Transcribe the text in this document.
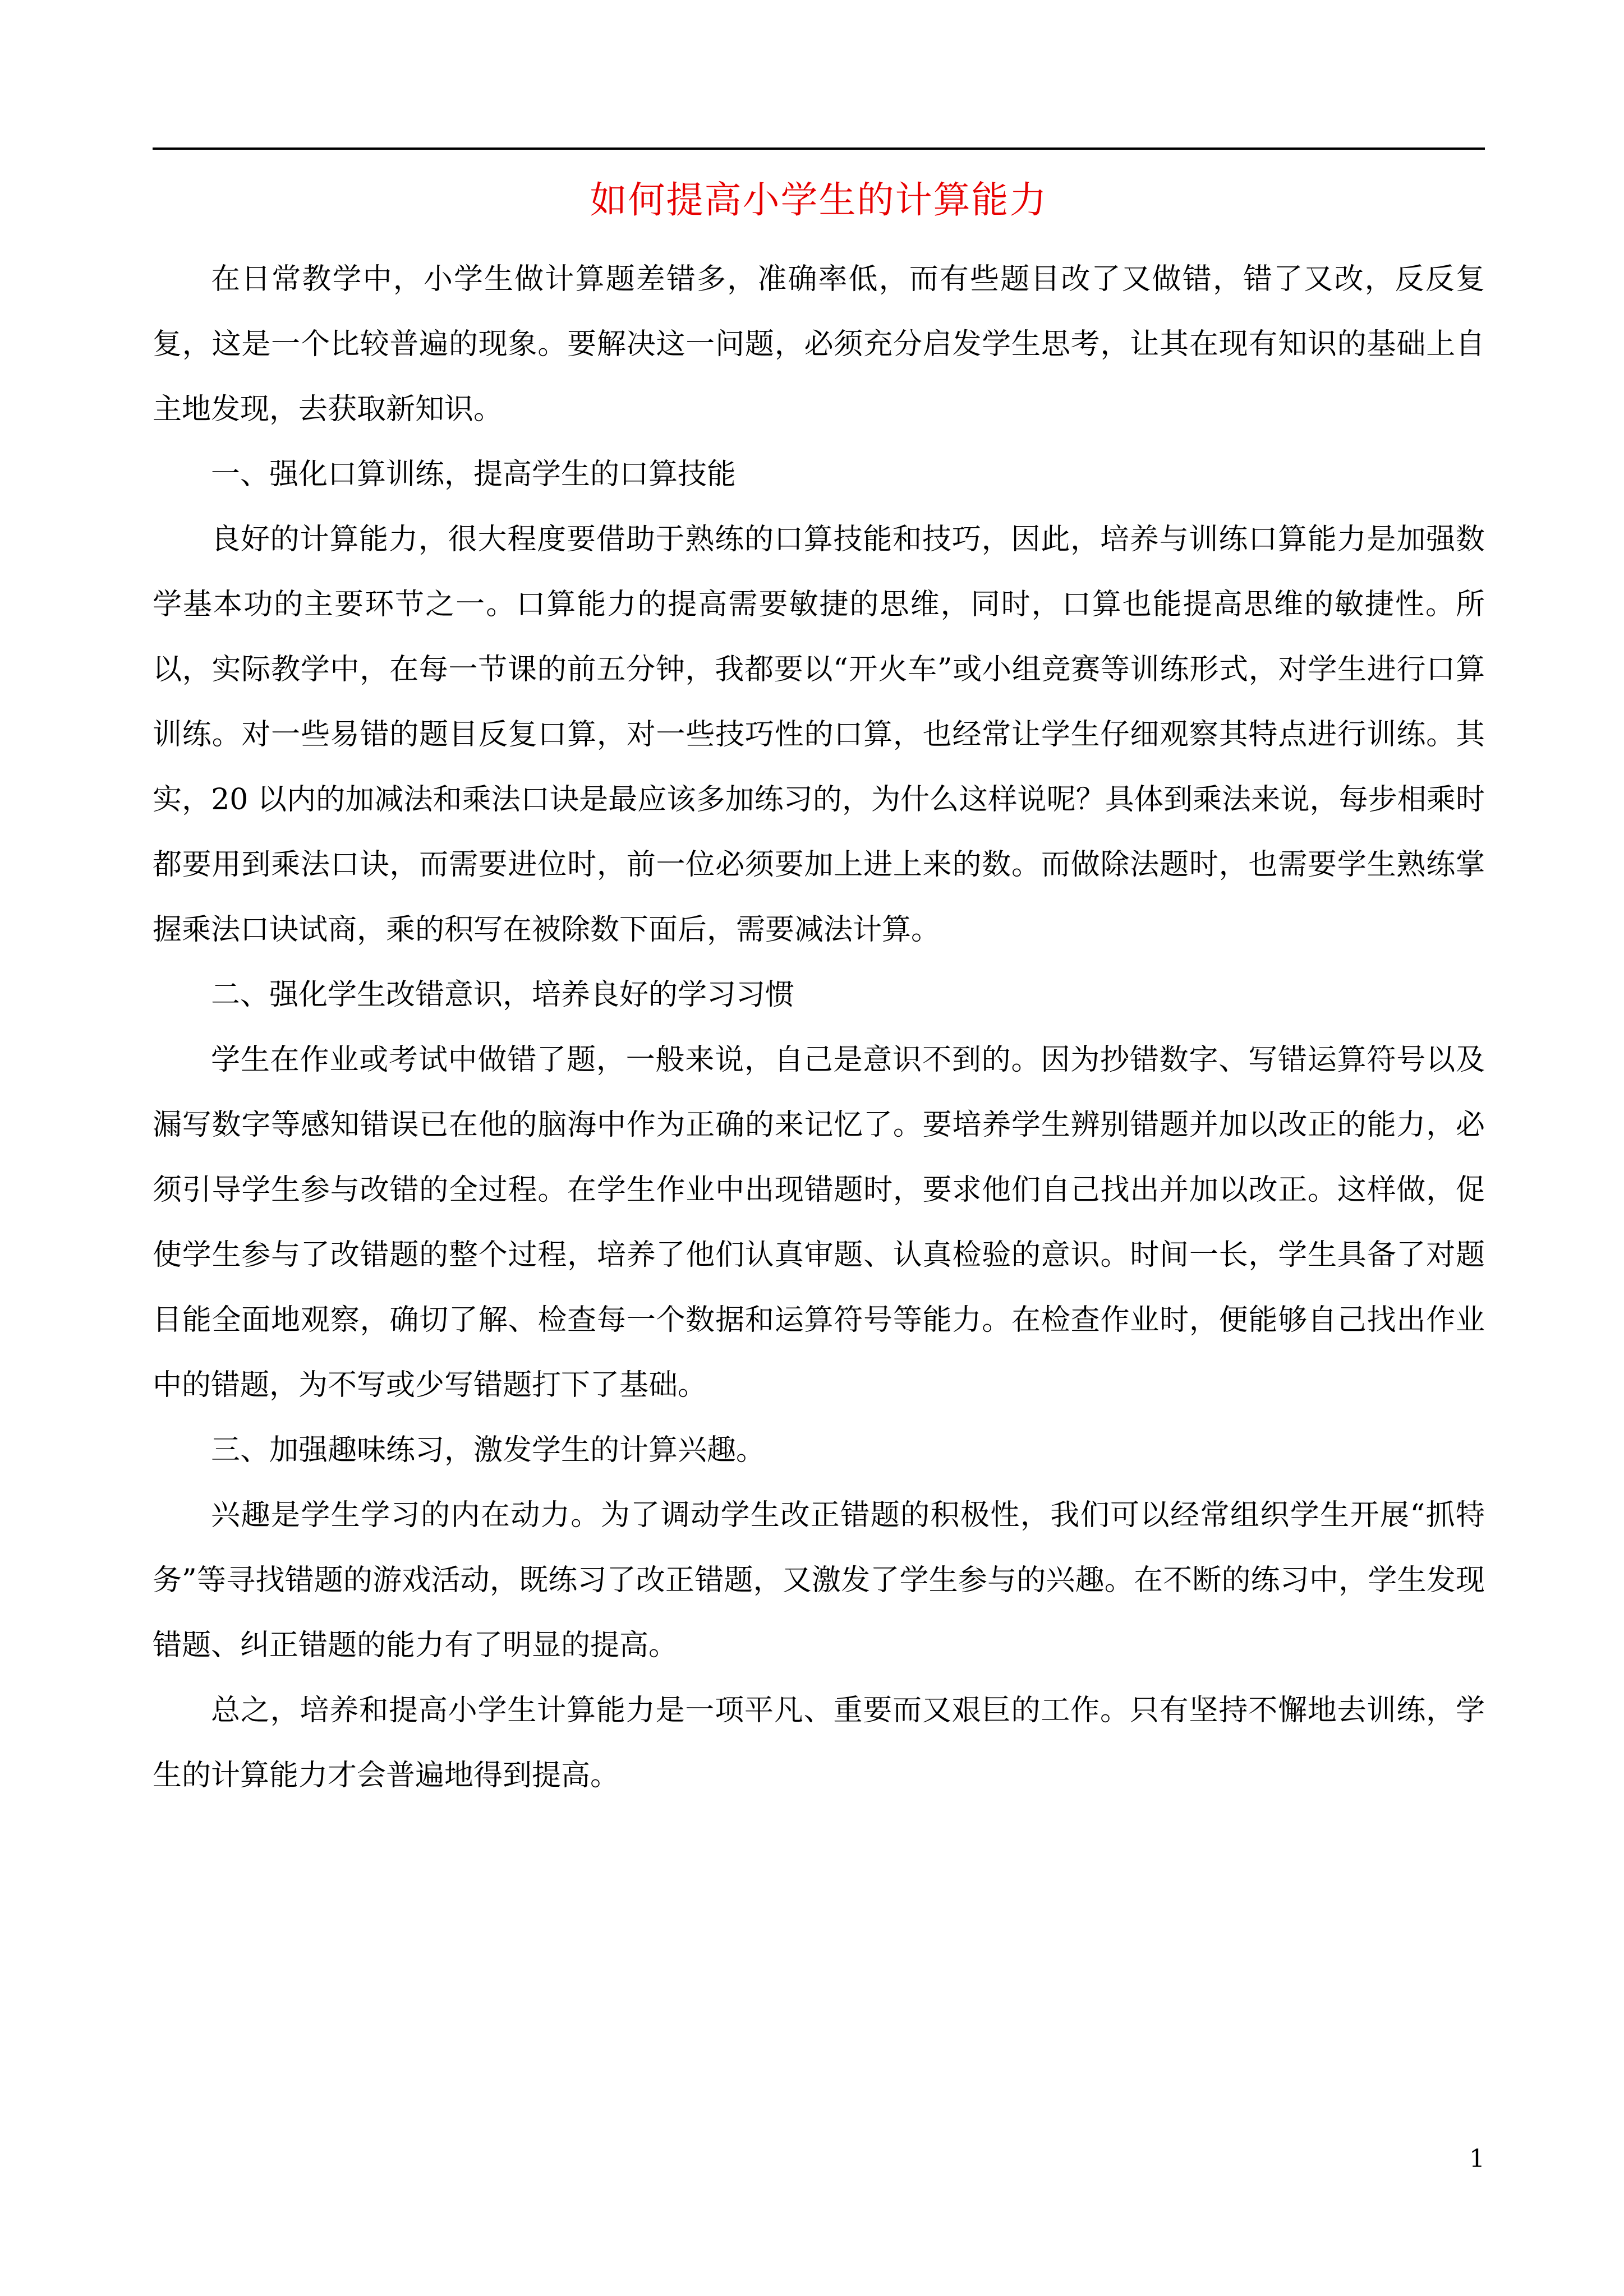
如何提高小学生的计算能力

在日常教学中，小学生做计算题差错多，准确率低，而有些题目改了又做错，错了又改，反反复复，这是一个比较普遍的现象。要解决这一问题，必须充分启发学生思考，让其在现有知识的基础上自主地发现，去获取新知识。

一、强化口算训练，提高学生的口算技能

良好的计算能力，很大程度要借助于熟练的口算技能和技巧，因此，培养与训练口算能力是加强数学基本功的主要环节之一。口算能力的提高需要敏捷的思维，同时，口算也能提高思维的敏捷性。所以，实际教学中，在每一节课的前五分钟，我都要以“开火车”或小组竞赛等训练形式，对学生进行口算训练。对一些易错的题目反复口算，对一些技巧性的口算，也经常让学生仔细观察其特点进行训练。其实，20 以内的加减法和乘法口诀是最应该多加练习的，为什么这样说呢？具体到乘法来说，每步相乘时都要用到乘法口诀，而需要进位时，前一位必须要加上进上来的数。而做除法题时，也需要学生熟练掌握乘法口诀试商，乘的积写在被除数下面后，需要减法计算。

二、强化学生改错意识，培养良好的学习习惯

学生在作业或考试中做错了题，一般来说，自己是意识不到的。因为抄错数字、写错运算符号以及漏写数字等感知错误已在他的脑海中作为正确的来记忆了。要培养学生辨别错题并加以改正的能力，必须引导学生参与改错的全过程。在学生作业中出现错题时，要求他们自己找出并加以改正。这样做，促使学生参与了改错题的整个过程，培养了他们认真审题、认真检验的意识。时间一长，学生具备了对题目能全面地观察，确切了解、检查每一个数据和运算符号等能力。在检查作业时，便能够自己找出作业中的错题，为不写或少写错题打下了基础。

三、加强趣味练习，激发学生的计算兴趣。

兴趣是学生学习的内在动力。为了调动学生改正错题的积极性，我们可以经常组织学生开展“抓特务”等寻找错题的游戏活动，既练习了改正错题，又激发了学生参与的兴趣。在不断的练习中，学生发现错题、纠正错题的能力有了明显的提高。

总之，培养和提高小学生计算能力是一项平凡、重要而又艰巨的工作。只有坚持不懈地去训练，学生的计算能力才会普遍地得到提高。

1
